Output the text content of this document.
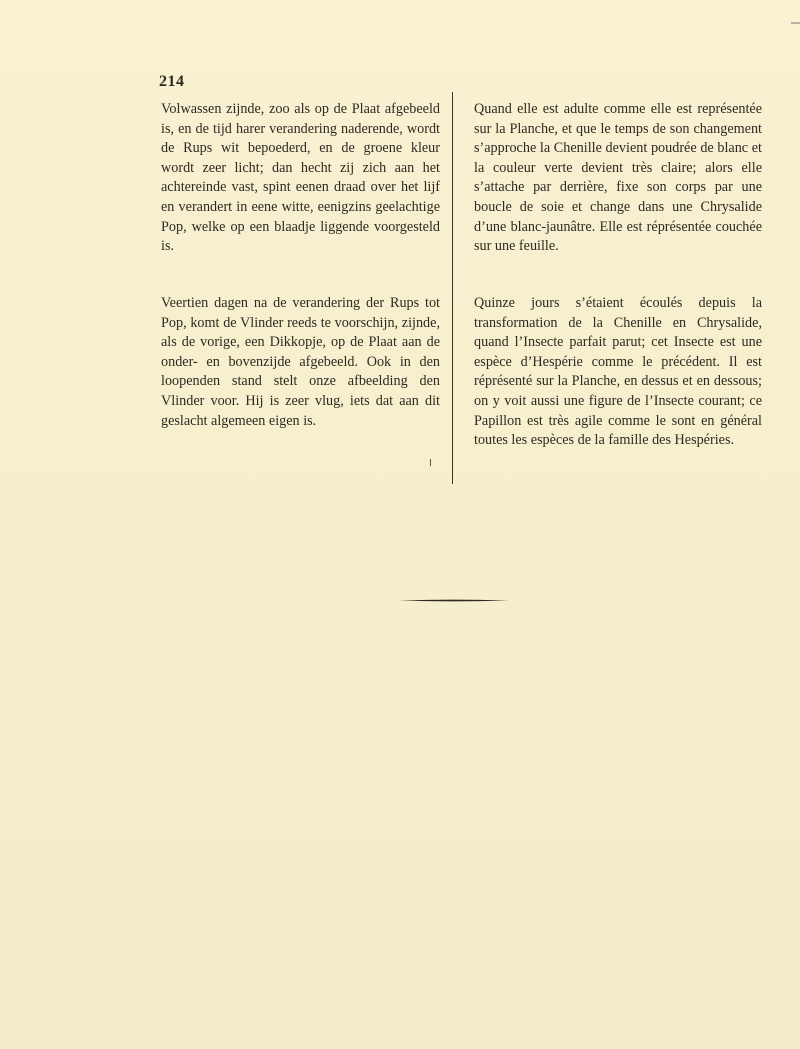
214
Volwassen zijnde, zoo als op de Plaat afgebeeld is, en de tijd harer verandering naderende, wordt de Rups wit bepoederd, en de groene kleur wordt zeer licht; dan hecht zij zich aan het achtereinde vast, spint eenen draad over het lijf en verandert in eene witte, eenigzins geelachtige Pop, welke op een blaadje liggende voorgesteld is.
Veertien dagen na de verandering der Rups tot Pop, komt de Vlinder reeds te voorschijn, zijnde, als de vorige, een Dikkopje, op de Plaat aan de onder- en bovenzijde afgebeeld. Ook in den loopenden stand stelt onze afbeelding den Vlinder voor. Hij is zeer vlug, iets dat aan dit geslacht algemeen eigen is.
Quand elle est adulte comme elle est représentée sur la Planche, et que le temps de son changement s’approche la Chenille devient poudrée de blanc et la couleur verte devient très claire; alors elle s’attache par derrière, fixe son corps par une boucle de soie et change dans une Chrysalide d’une blanc-jaunâtre. Elle est réprésentée couchée sur une feuille.
Quinze jours s’étaient écoulés depuis la transformation de la Chenille en Chrysalide, quand l’Insecte parfait parut; cet Insecte est une espèce d’Hespérie comme le précédent. Il est réprésenté sur la Planche, en dessus et en dessous; on y voit aussi une figure de l’Insecte courant; ce Papillon est très agile comme le sont en général toutes les espèces de la famille des Hespéries.
